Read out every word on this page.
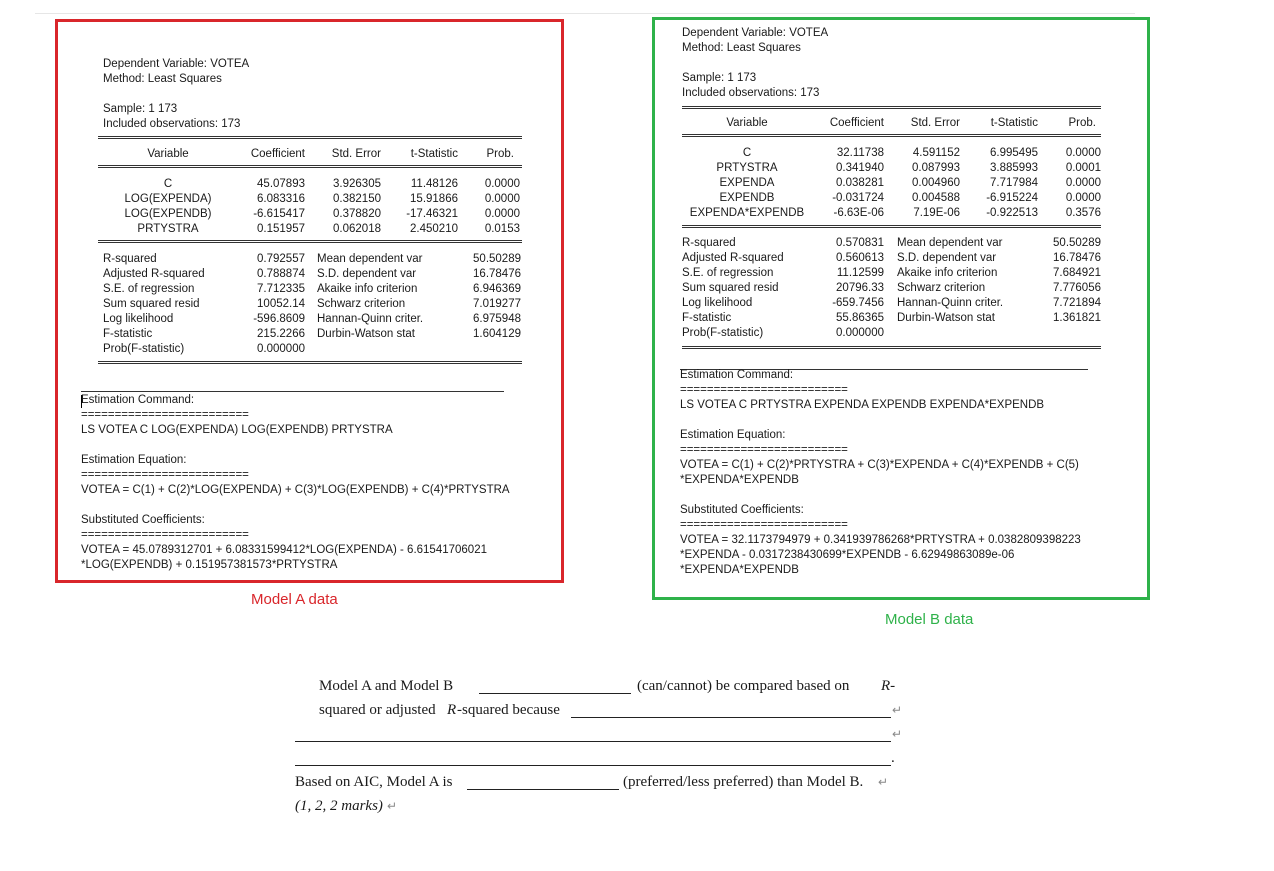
Dependent Variable: VOTEA
Method: Least Squares
Sample: 1 173
Included observations: 173
Variable	Coefficient	Std. Error	t-Statistic	Prob.
C	45.07893	3.926305	11.48126	0.0000
LOG(EXPENDA)	6.083316	0.382150	15.91866	0.0000
LOG(EXPENDB)	-6.615417	0.378820	-17.46321	0.0000
PRTYSTRA	0.151957	0.062018	2.450210	0.0153
R-squared	0.792557 Mean dependent var	50.50289
Adjusted R-squared	0.788874 S.D. dependent var	16.78476
S.E. of regression	7.712335 Akaike info criterion	6.946369
Sum squared resid	10052.14 Schwarz criterion	7.019277
Log likelihood	-596.8609 Hannan-Quinn criter.	6.975948
F-statistic	215.2266 Durbin-Watson stat	1.604129
Prob(F-statistic)	0.000000
Estimation Command:
=========================
LS VOTEA C LOG(EXPENDA) LOG(EXPENDB) PRTYSTRA
Estimation Equation:
=========================
VOTEA = C(1) + C(2)*LOG(EXPENDA) + C(3)*LOG(EXPENDB) + C(4)*PRTYSTRA
Substituted Coefficients:
=========================
VOTEA = 45.0789312701 + 6.08331599412*LOG(EXPENDA) - 6.61541706021
*LOG(EXPENDB) + 0.151957381573*PRTYSTRA
Model A data
Dependent Variable: VOTEA
Method: Least Squares
Sample: 1 173
Included observations: 173
Variable	Coefficient	Std. Error	t-Statistic	Prob.
C	32.11738	4.591152	6.995495	0.0000
PRTYSTRA	0.341940	0.087993	3.885993	0.0001
EXPENDA	0.038281	0.004960	7.717984	0.0000
EXPENDB	-0.031724	0.004588	-6.915224	0.0000
EXPENDA*EXPENDB	-6.63E-06	7.19E-06	-0.922513	0.3576
R-squared	0.570831 Mean dependent var	50.50289
Adjusted R-squared	0.560613 S.D. dependent var	16.78476
S.E. of regression	11.12599 Akaike info criterion	7.684921
Sum squared resid	20796.33 Schwarz criterion	7.776056
Log likelihood	-659.7456 Hannan-Quinn criter.	7.721894
F-statistic	55.86365 Durbin-Watson stat	1.361821
Prob(F-statistic)	0.000000
Estimation Command:
=========================
LS VOTEA C PRTYSTRA EXPENDA EXPENDB EXPENDA*EXPENDB
Estimation Equation:
=========================
VOTEA = C(1) + C(2)*PRTYSTRA + C(3)*EXPENDA + C(4)*EXPENDB + C(5)
*EXPENDA*EXPENDB
Substituted Coefficients:
=========================
VOTEA = 32.1173794979 + 0.341939786268*PRTYSTRA + 0.0382809398223
*EXPENDA - 0.0317238430699*EXPENDB - 6.62949863089e-06
*EXPENDA*EXPENDB
Model B data
Model A and Model B	(can/cannot) be compared based on R-
squared or adjusted R -squared because	↵
↵
.
Based on AIC, Model A is	(preferred/less preferred) than Model B. ↵
(1, 2, 2 marks) ↵
